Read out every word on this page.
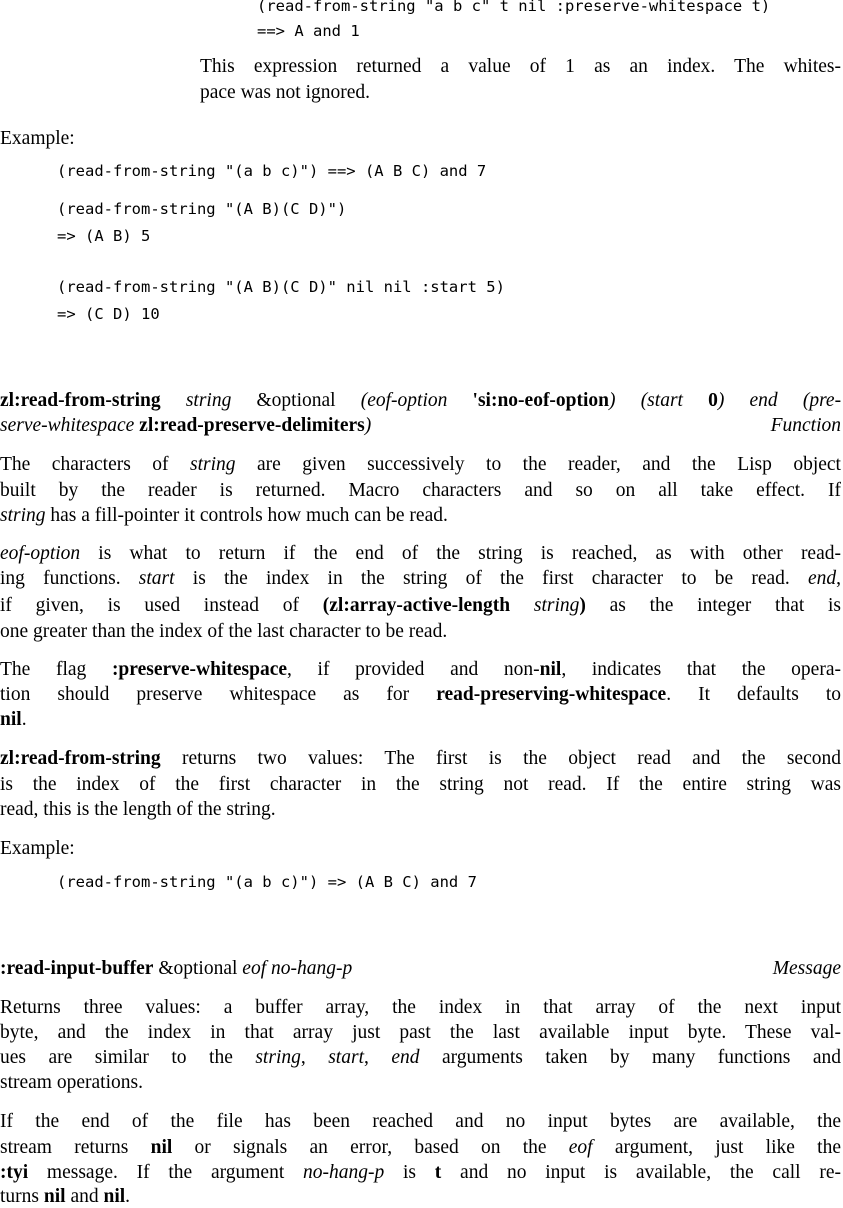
(read-from-string "a b c" t nil :preserve-whitespace t)
==> A and 1
This expression returned a value of 1 as an index. The whites-
pace was not ignored.
Example:
(read-from-string "(a b c)") ==> (A B C) and 7
(read-from-string "(A B)(C D)")
=> (A B) 5
(read-from-string "(A B)(C D)" nil nil :start 5)
=> (C D) 10
zl:read-from-string string &optional (eof-option 'si:no-eof-option) (start 0) end (pre-
serve-whitespace zl:read-preserve-delimiters)	Function
The characters of string are given successively to the reader, and the Lisp object
built by the reader is returned. Macro characters and so on all take effect. If
string has a fill-pointer it controls how much can be read.
eof-option is what to return if the end of the string is reached, as with other read-
ing functions. start is the index in the string of the first character to be read. end,
if given, is used instead of (zl:array-active-length string) as the integer that is
one greater than the index of the last character to be read.
The flag :preserve-whitespace, if provided and non-nil, indicates that the opera-
tion should preserve whitespace as for read-preserving-whitespace. It defaults to
nil.
zl:read-from-string returns two values: The first is the object read and the second
is the index of the first character in the string not read. If the entire string was
read, this is the length of the string.
Example:
(read-from-string "(a b c)") => (A B C) and 7
:read-input-buffer &optional eof no-hang-p	Message
Returns three values: a buffer array, the index in that array of the next input
byte, and the index in that array just past the last available input byte. These val-
ues are similar to the string, start, end arguments taken by many functions and
stream operations.
If the end of the file has been reached and no input bytes are available, the
stream returns nil or signals an error, based on the eof argument, just like the
:tyi message. If the argument no-hang-p is t and no input is available, the call re-
turns nil and nil.
